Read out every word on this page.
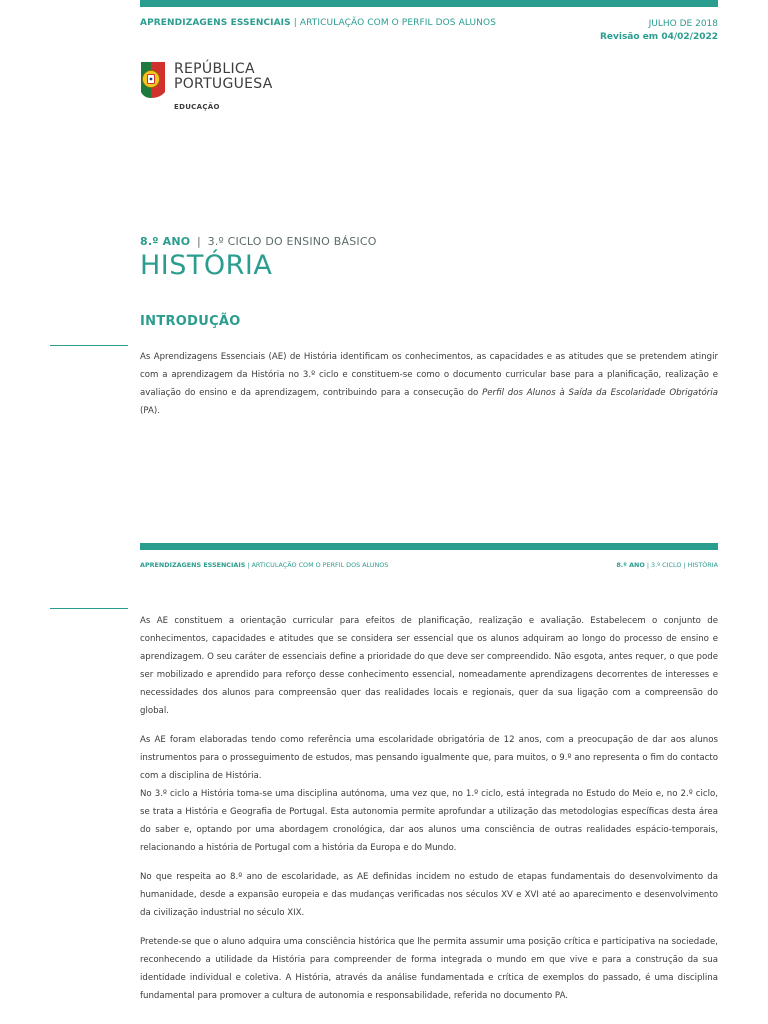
APRENDIZAGENS ESSENCIAIS | ARTICULAÇÃO COM O PERFIL DOS ALUNOS	JULHO DE 2018
Revisão em 04/02/2022
REPÚBLICA
PORTUGUESA
EDUCAÇÃO
8.º ANO | 3.º CICLO DO ENSINO BÁSICO
HISTÓRIA
INTRODUÇÃO
As Aprendizagens Essenciais (AE) de História identificam os conhecimentos, as capacidades e as atitudes que se pretendem atingir com a aprendizagem da História no 3.º ciclo e constituem-se como o documento curricular base para a planificação, realização e avaliação do ensino e da aprendizagem, contribuindo para a consecução do Perfil dos Alunos à Saída da Escolaridade Obrigatória (PA).
APRENDIZAGENS ESSENCIAIS | ARTICULAÇÃO COM O PERFIL DOS ALUNOS	8.º ANO | 3.º CICLO | HISTÓRIA
As AE constituem a orientação curricular para efeitos de planificação, realização e avaliação. Estabelecem o conjunto de conhecimentos, capacidades e atitudes que se considera ser essencial que os alunos adquiram ao longo do processo de ensino e aprendizagem. O seu caráter de essenciais define a prioridade do que deve ser compreendido. Não esgota, antes requer, o que pode ser mobilizado e aprendido para reforço desse conhecimento essencial, nomeadamente aprendizagens decorrentes de interesses e necessidades dos alunos para compreensão quer das realidades locais e regionais, quer da sua ligação com a compreensão do global.
As AE foram elaboradas tendo como referência uma escolaridade obrigatória de 12 anos, com a preocupação de dar aos alunos instrumentos para o prosseguimento de estudos, mas pensando igualmente que, para muitos, o 9.º ano representa o fim do contacto com a disciplina de História.
No 3.º ciclo a História toma-se uma disciplina autónoma, uma vez que, no 1.º ciclo, está integrada no Estudo do Meio e, no 2.º ciclo, se trata a História e Geografia de Portugal. Esta autonomia permite aprofundar a utilização das metodologias específicas desta área do saber e, optando por uma abordagem cronológica, dar aos alunos uma consciência de outras realidades espácio-temporais, relacionando a história de Portugal com a história da Europa e do Mundo.
No que respeita ao 8.º ano de escolaridade, as AE definidas incidem no estudo de etapas fundamentais do desenvolvimento da humanidade, desde a expansão europeia e das mudanças verificadas nos séculos XV e XVI até ao aparecimento e desenvolvimento da civilização industrial no século XIX.
Pretende-se que o aluno adquira uma consciência histórica que lhe permita assumir uma posição crítica e participativa na sociedade, reconhecendo a utilidade da História para compreender de forma integrada o mundo em que vive e para a construção da sua identidade individual e coletiva. A História, através da análise fundamentada e crítica de exemplos do passado, é uma disciplina fundamental para promover a cultura de autonomia e responsabilidade, referida no documento PA.
